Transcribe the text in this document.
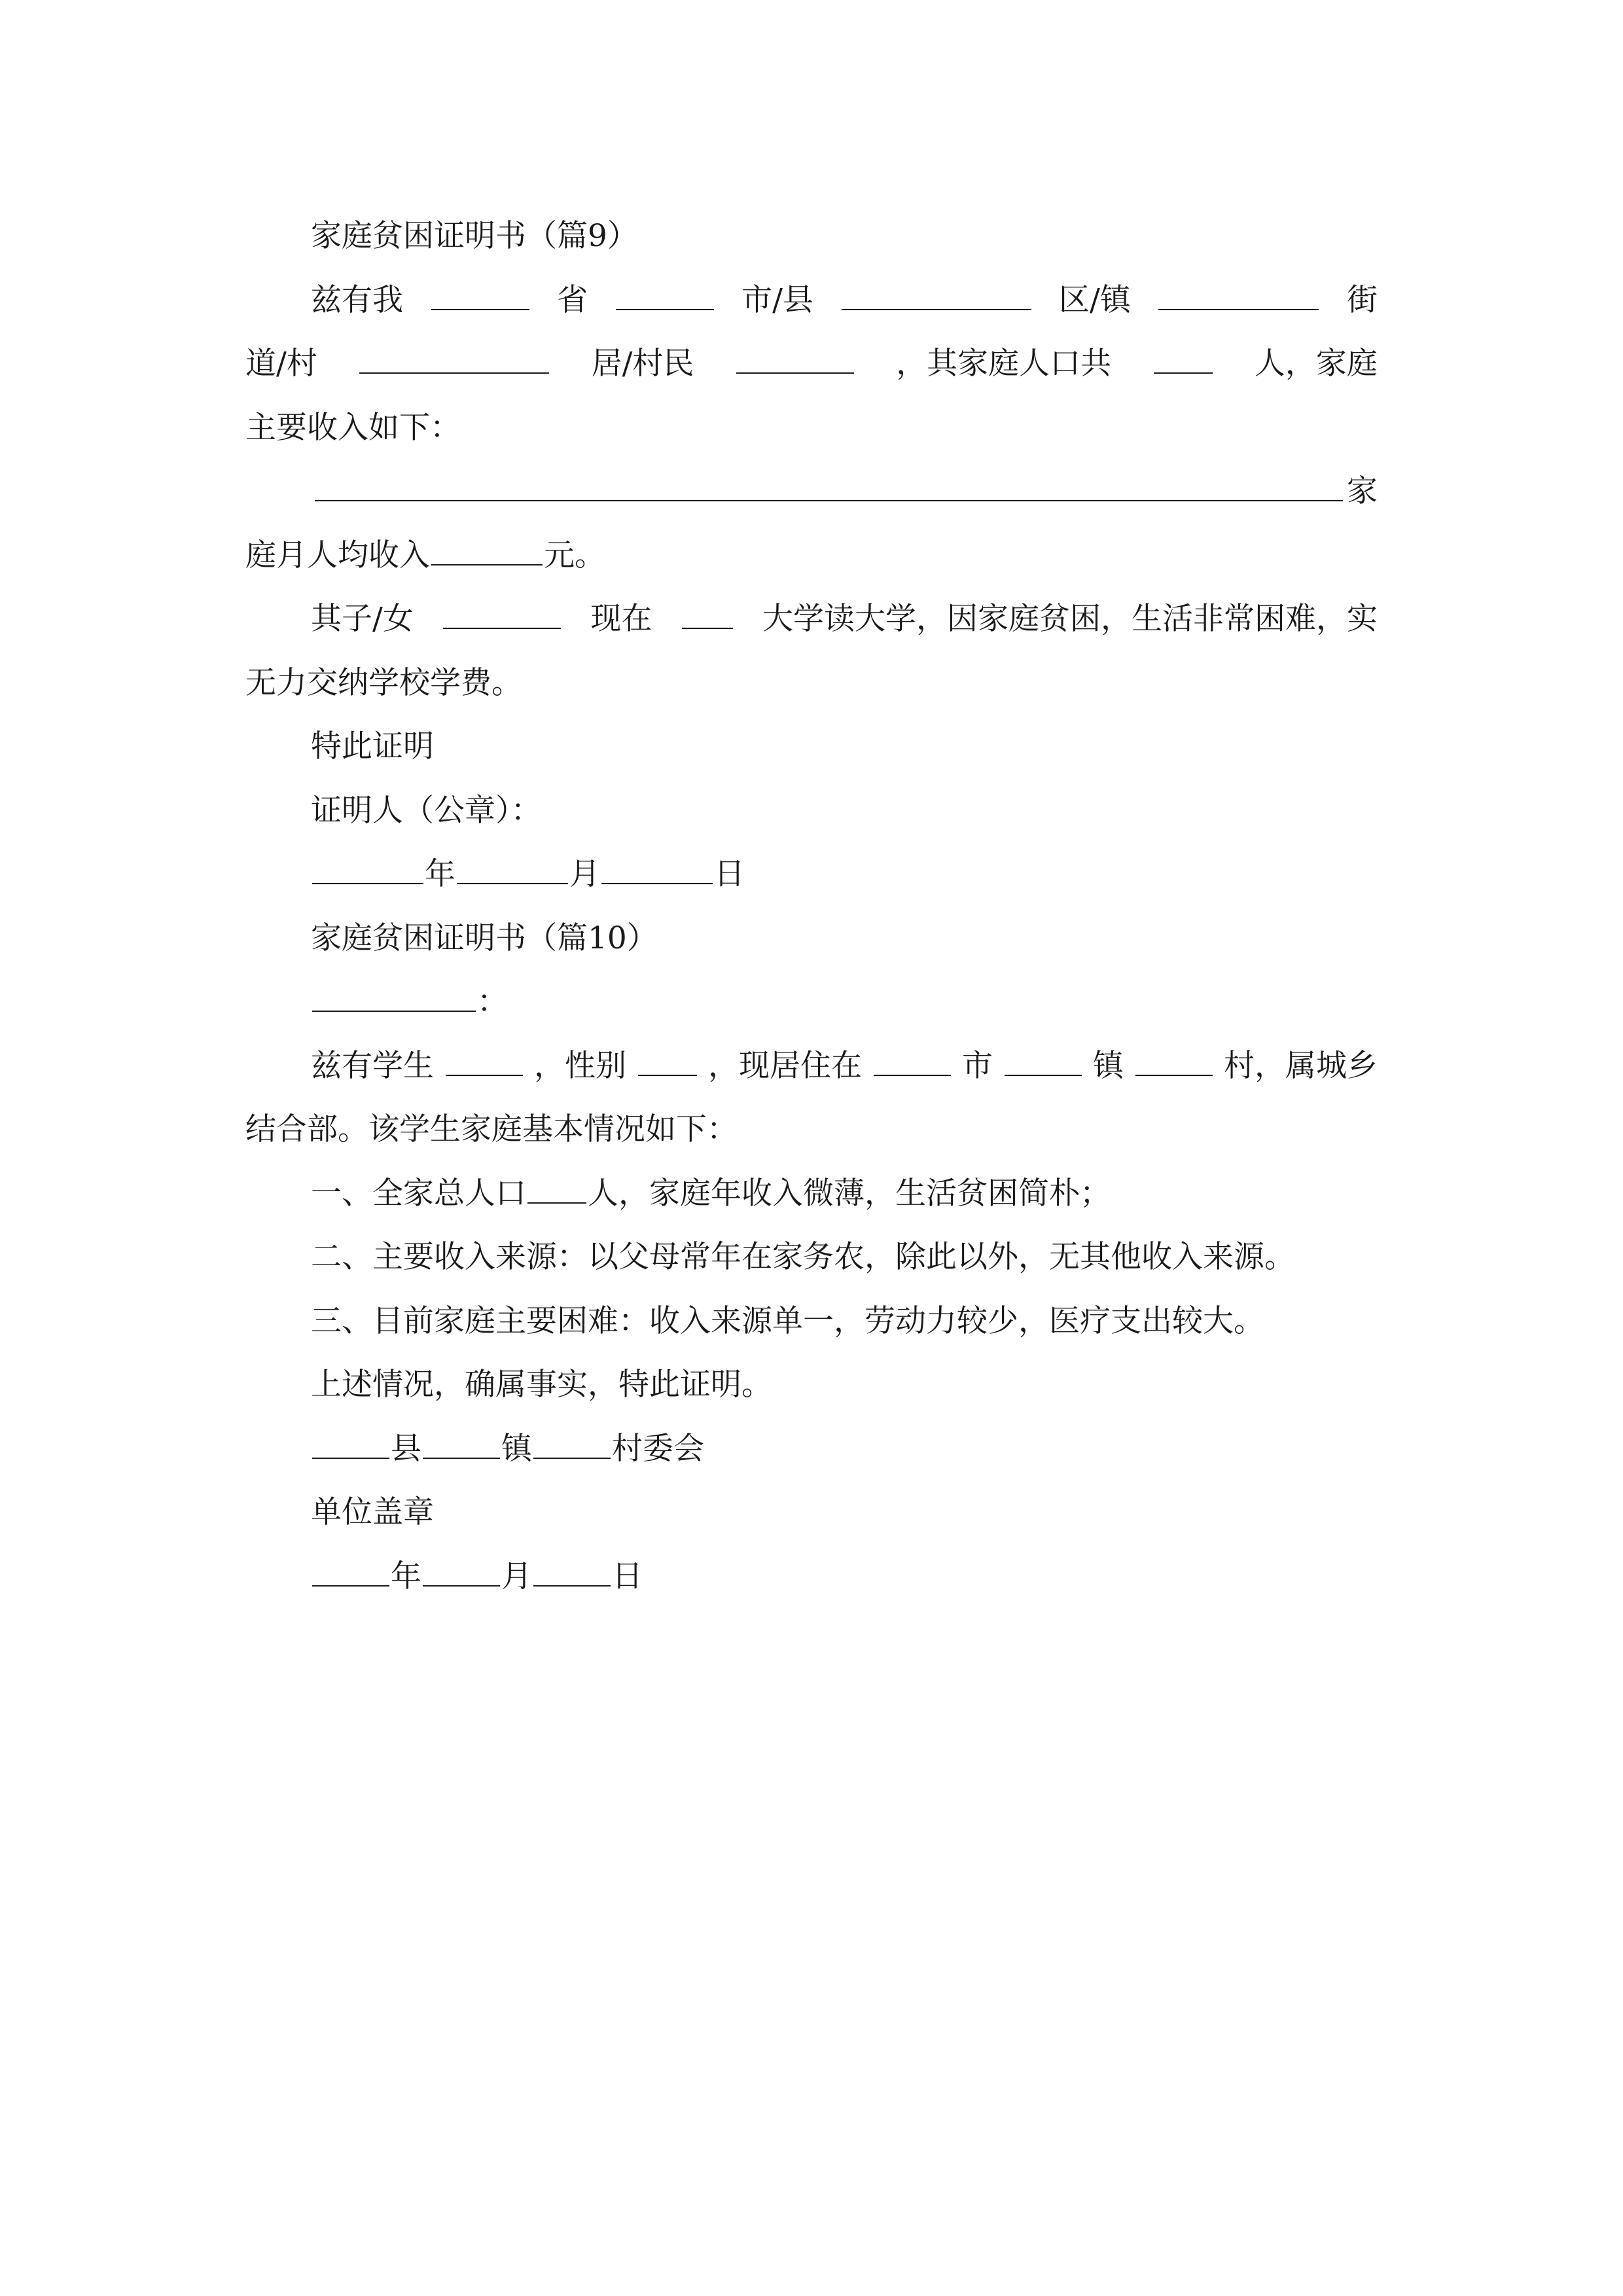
家庭贫困证明书（篇9）
兹有我	省	市/县	区/镇	街
道/村	居/村民	，其家庭人口共	人，家庭
主要收入如下：
家
庭月人均收入	元。
其子/女	现在	大学读大学，因家庭贫困，生活非常困难，实
无力交纳学校学费。
特此证明
证明人（公章）：
年	月	日
家庭贫困证明书（篇10）
：
兹有学生	，性别	，现居住在	市	镇	村，属城乡
结合部。该学生家庭基本情况如下：
一、全家总人口 人，家庭年收入微薄，生活贫困简朴；
二、主要收入来源：以父母常年在家务农，除此以外，无其他收入来源。
三、目前家庭主要困难：收入来源单一，劳动力较少，医疗支出较大。
上述情况，确属事实，特此证明。
县	镇	村委会
单位盖章
年	月	日
